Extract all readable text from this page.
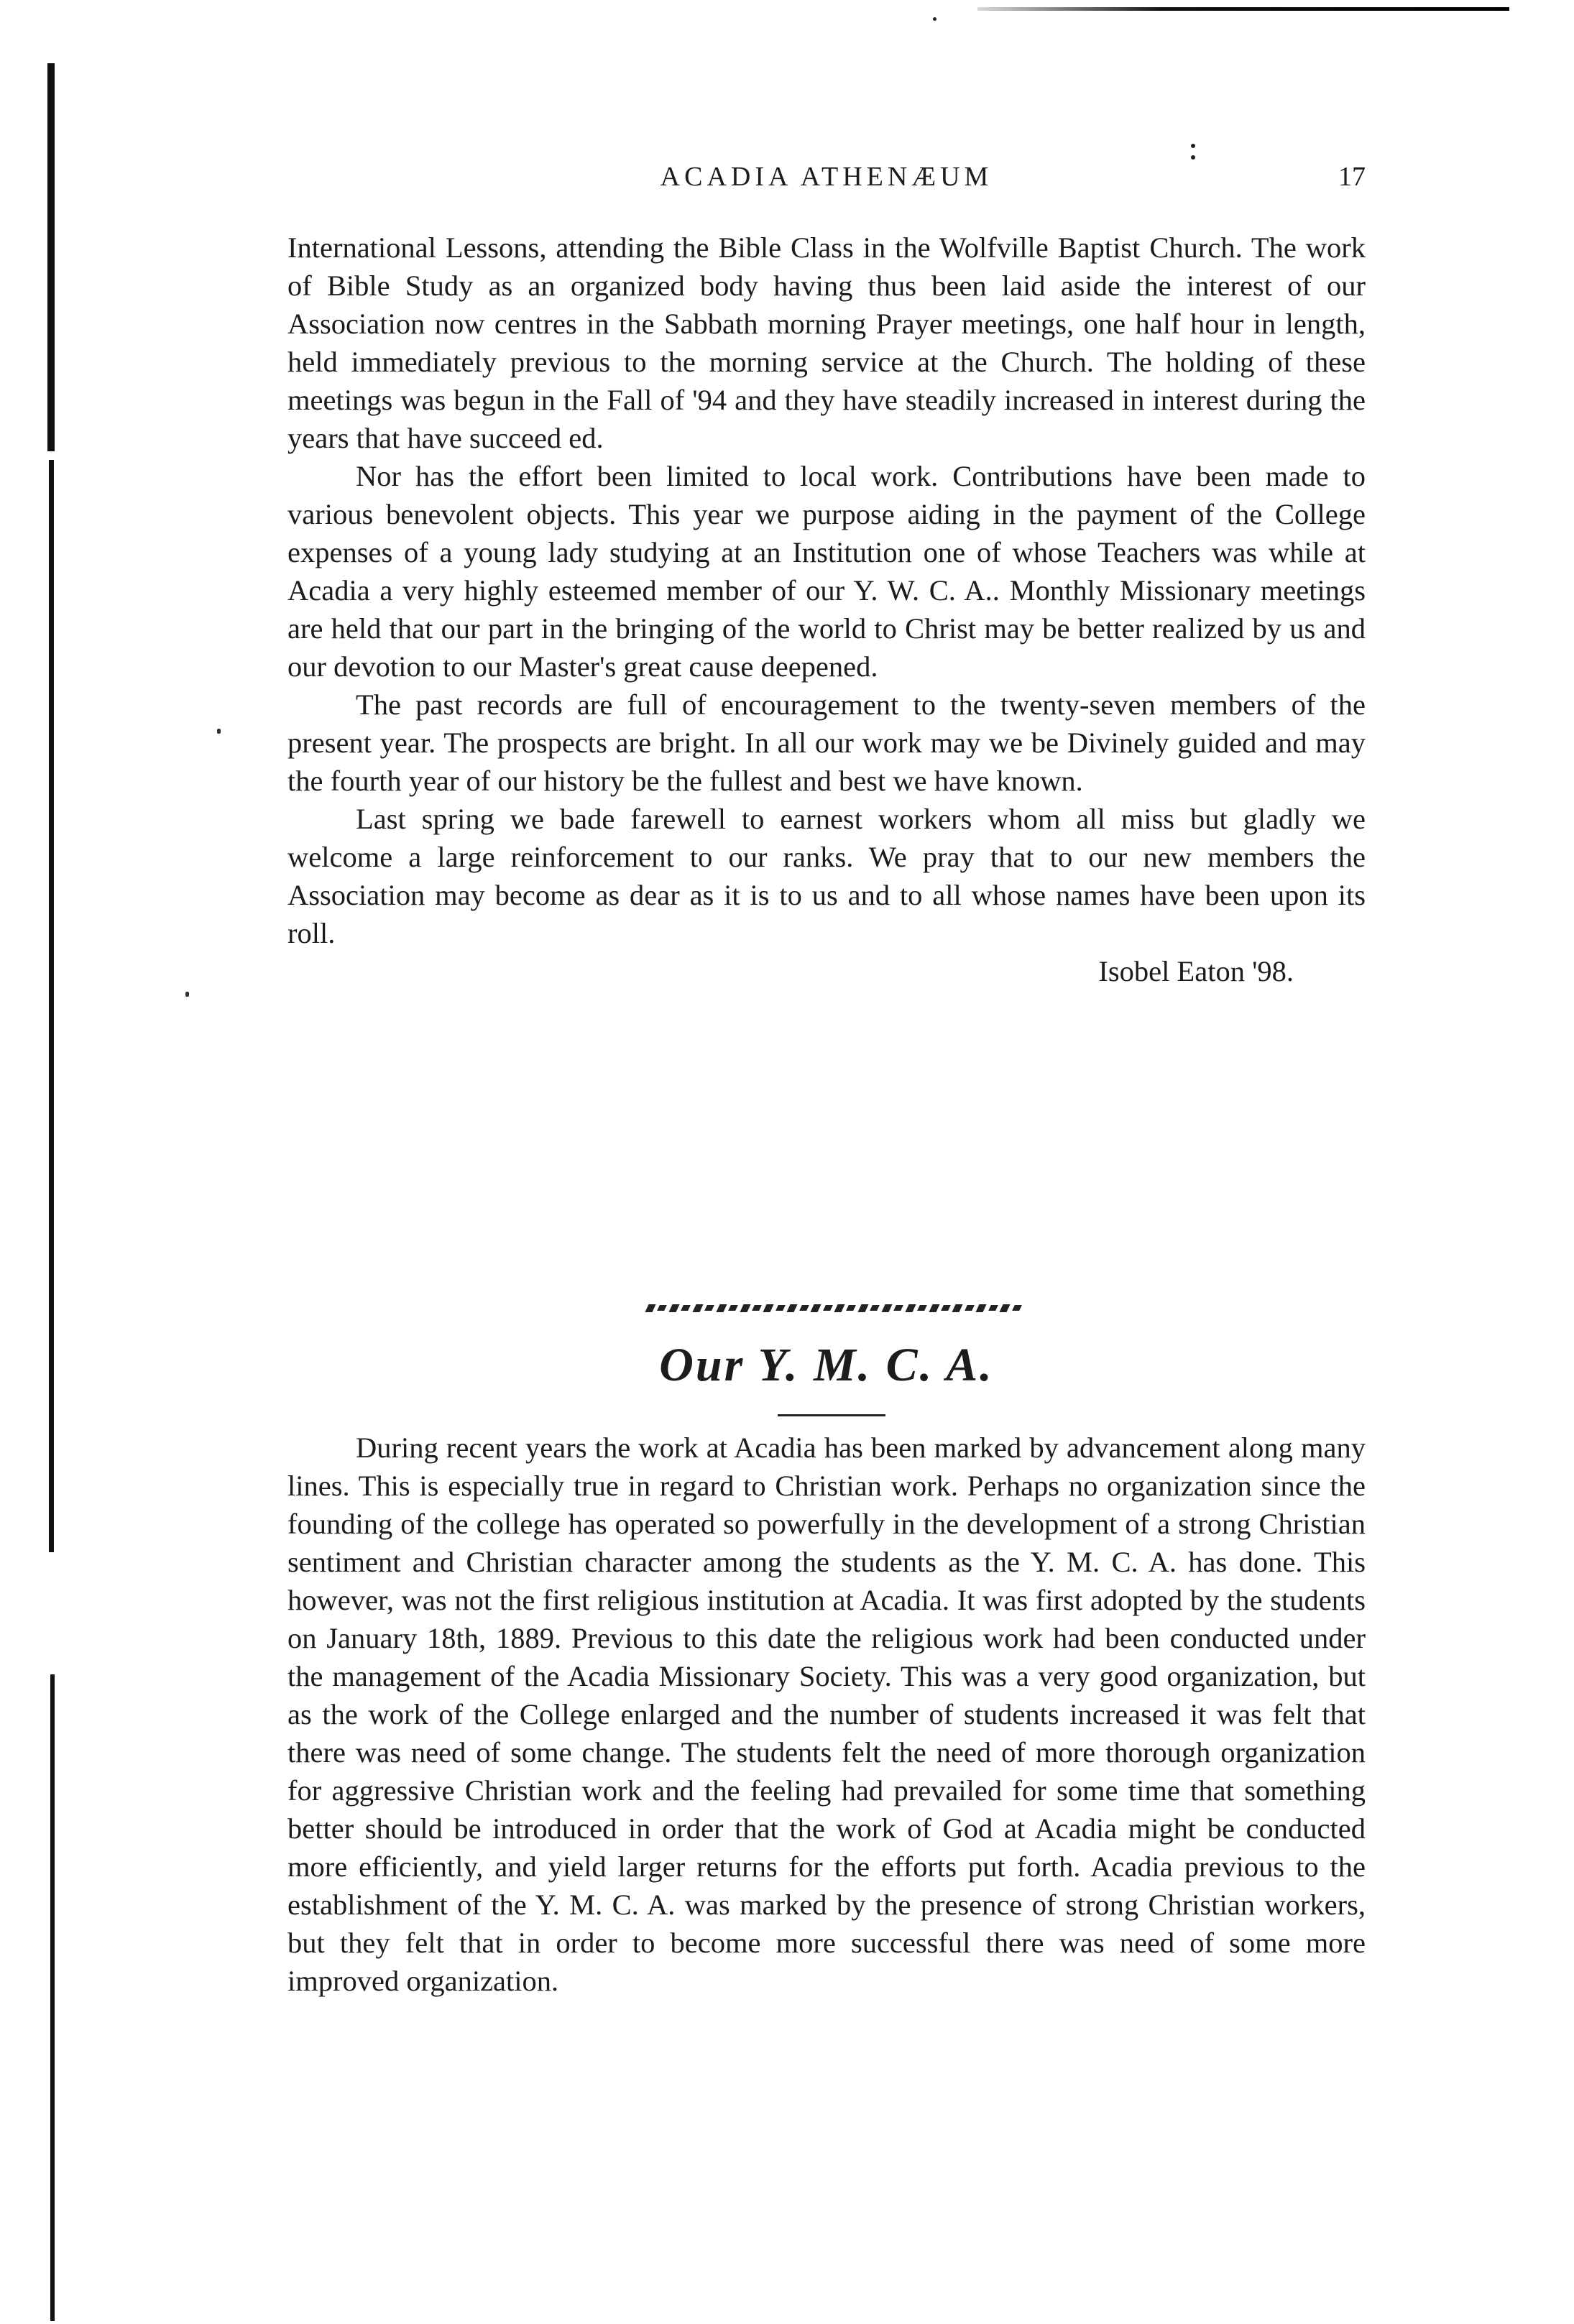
ACADIA ATHENÆUM	17

International Lessons, attending the Bible Class in the Wolfville Baptist Church. The work of Bible Study as an organized body having thus been laid aside the interest of our Association now centres in the Sabbath morning Prayer meetings, one half hour in length, held immediately previous to the morning service at the Church. The holding of these meetings was begun in the Fall of '94 and they have steadily increased in interest during the years that have succeed ed.

Nor has the effort been limited to local work. Contributions have been made to various benevolent objects. This year we purpose aiding in the payment of the College expenses of a young lady studying at an Institution one of whose Teachers was while at Acadia a very highly esteemed member of our Y. W. C. A.. Monthly Missionary meetings are held that our part in the bringing of the world to Christ may be better realized by us and our devotion to our Master's great cause deepened.

The past records are full of encouragement to the twenty-seven members of the present year. The prospects are bright. In all our work may we be Divinely guided and may the fourth year of our history be the fullest and best we have known.

Last spring we bade farewell to earnest workers whom all miss but gladly we welcome a large reinforcement to our ranks. We pray that to our new members the Association may become as dear as it is to us and to all whose names have been upon its roll.

Isobel Eaton '98.

Our Y. M. C. A.

During recent years the work at Acadia has been marked by advancement along many lines. This is especially true in regard to Christian work. Perhaps no organization since the founding of the college has operated so powerfully in the development of a strong Christian sentiment and Christian character among the students as the Y. M. C. A. has done. This however, was not the first religious institution at Acadia. It was first adopted by the students on January 18th, 1889. Previous to this date the religious work had been conducted under the management of the Acadia Missionary Society. This was a very good organization, but as the work of the College enlarged and the number of students increased it was felt that there was need of some change. The students felt the need of more thorough organization for aggressive Christian work and the feeling had prevailed for some time that something better should be introduced in order that the work of God at Acadia might be conducted more efficiently, and yield larger returns for the efforts put forth. Acadia previous to the establishment of the Y. M. C. A. was marked by the presence of strong Christian workers, but they felt that in order to become more successful there was need of some more improved organization.
